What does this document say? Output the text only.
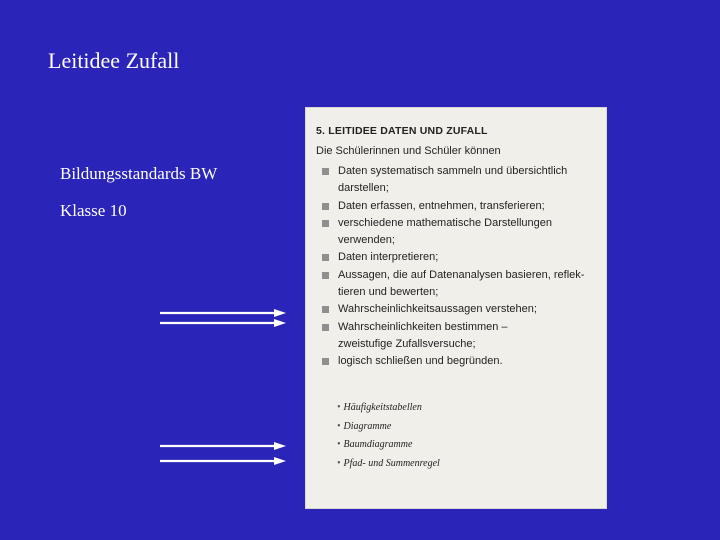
Leitidee Zufall
Bildungsstandards BW
Klasse 10
5. LEITIDEE DATEN UND ZUFALL
Die Schülerinnen und Schüler können
Daten systematisch sammeln und übersichtlich
darstellen;
Daten erfassen, entnehmen, transferieren;
verschiedene mathematische Darstellungen
verwenden;
Daten interpretieren;
Aussagen, die auf Datenanalysen basieren, reflek-
tieren und bewerten;
Wahrscheinlichkeitsaussagen verstehen;
Wahrscheinlichkeiten bestimmen –
zweistufige Zufallsversuche;
logisch schließen und begründen.
• Häufigkeitstabellen
• Diagramme
• Baumdiagramme
• Pfad- und Summenregel
